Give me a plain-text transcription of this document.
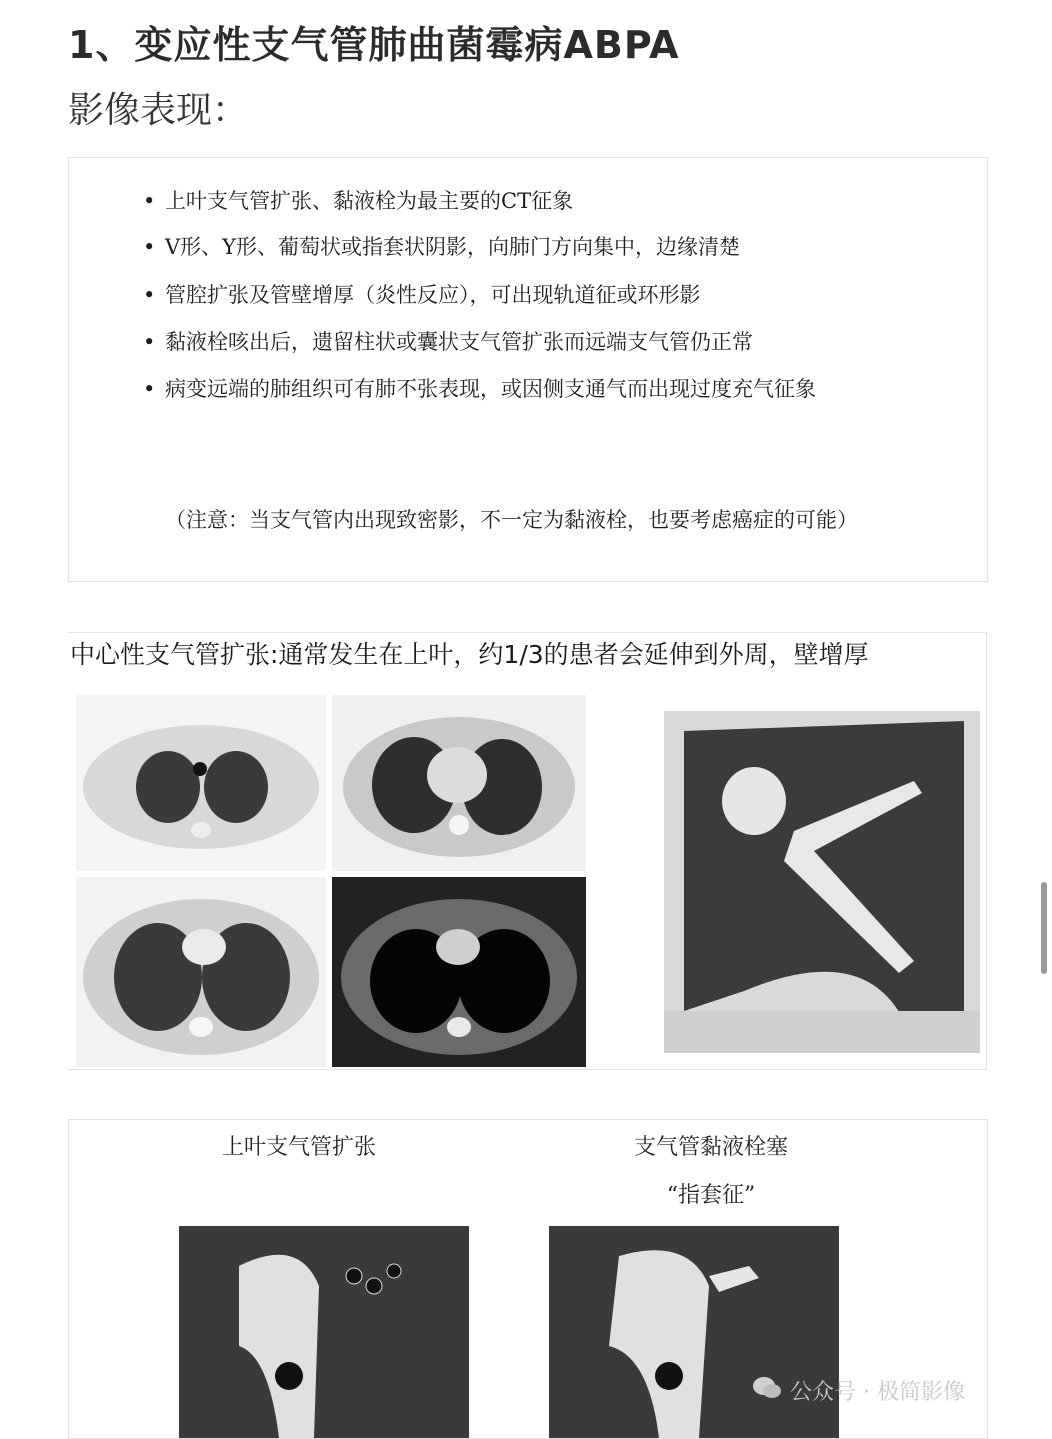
1、变应性支气管肺曲菌霉病ABPA
影像表现：
• 上叶支气管扩张、黏液栓为最主要的CT征象
• V形、Y形、葡萄状或指套状阴影，向肺门方向集中，边缘清楚
• 管腔扩张及管壁增厚（炎性反应），可出现轨道征或环形影
• 黏液栓咳出后，遗留柱状或囊状支气管扩张而远端支气管仍正常
• 病变远端的肺组织可有肺不张表现，或因侧支通气而出现过度充气征象
（注意：当支气管内出现致密影，不一定为黏液栓，也要考虑癌症的可能）
中心性支气管扩张:通常发生在上叶，约1/3的患者会延伸到外周，壁增厚
上叶支气管扩张	支气管黏液栓塞
“指套征”
公众号 · 极简影像
